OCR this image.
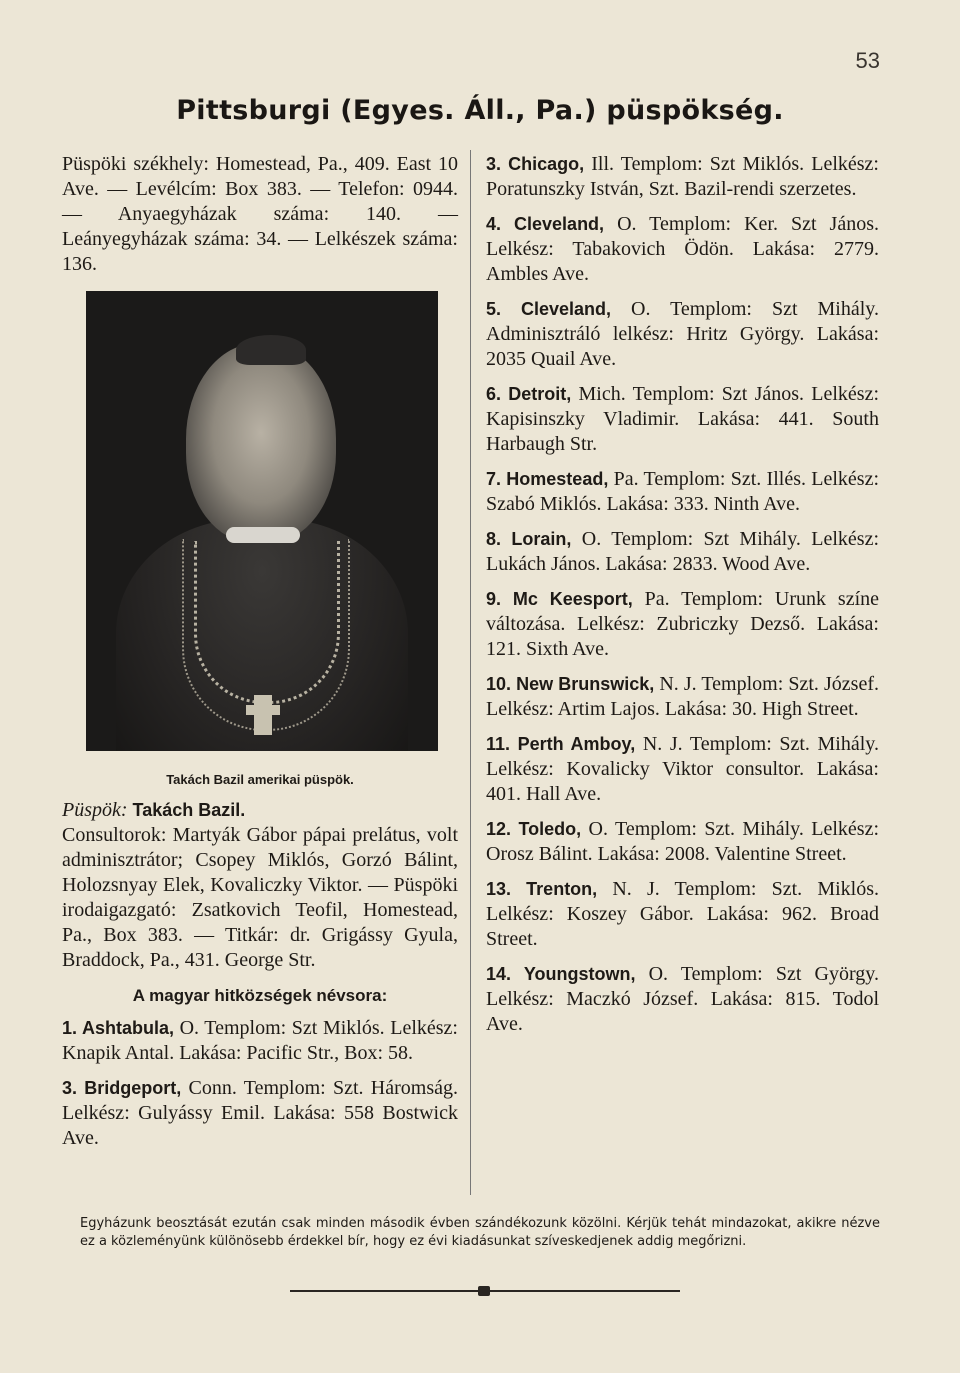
53
Pittsburgi (Egyes. Áll., Pa.) püspökség.

Püspöki székhely: Homestead, Pa., 409. East 10 Ave. — Levélcím: Box 383. — Telefon: 0944. — Anyaegyházak száma: 140. — Leányegyházak száma: 34. — Lelkészek száma: 136.

Takách Bazil amerikai püspök.

Püspök: Takách Bazil.

Consultorok: Martyák Gábor pápai prelátus, volt adminisztrátor; Csopey Miklós, Gorzó Bálint, Holozsnyay Elek, Kovaliczky Viktor. — Püspöki irodaigazgató: Zsatkovich Teofil, Homestead, Pa., Box 383. — Titkár: dr. Grigássy Gyula, Braddock, Pa., 431. George Str.

A magyar hitközségek névsora:

1. Ashtabula, O. Templom: Szt Miklós. Lelkész: Knapik Antal. Lakása: Pacific Str., Box: 58.

3. Bridgeport, Conn. Templom: Szt. Háromság. Lelkész: Gulyássy Emil. Lakása: 558 Bostwick Ave.

3. Chicago, Ill. Templom: Szt Miklós. Lelkész: Poratunszky István, Szt. Bazil-rendi szerzetes.

4. Cleveland, O. Templom: Ker. Szt János. Lelkész: Tabakovich Ödön. Lakása: 2779. Ambles Ave.

5. Cleveland, O. Templom: Szt Mihály. Adminisztráló lelkész: Hritz György. Lakása: 2035 Quail Ave.

6. Detroit, Mich. Templom: Szt János. Lelkész: Kapisinszky Vladimir. Lakása: 441. South Harbaugh Str.

7. Homestead, Pa. Templom: Szt. Illés. Lelkész: Szabó Miklós. Lakása: 333. Ninth Ave.

8. Lorain, O. Templom: Szt Mihály. Lelkész: Lukách János. Lakása: 2833. Wood Ave.

9. Mc Keesport, Pa. Templom: Urunk színe változása. Lelkész: Zubriczky Dezső. Lakása: 121. Sixth Ave.

10. New Brunswick, N. J. Templom: Szt. József. Lelkész: Artim Lajos. Lakása: 30. High Street.

11. Perth Amboy, N. J. Templom: Szt. Mihály. Lelkész: Kovalicky Viktor consultor. Lakása: 401. Hall Ave.

12. Toledo, O. Templom: Szt. Mihály. Lelkész: Orosz Bálint. Lakása: 2008. Valentine Street.

13. Trenton, N. J. Templom: Szt. Miklós. Lelkész: Koszey Gábor. Lakása: 962. Broad Street.

14. Youngstown, O. Templom: Szt György. Lelkész: Maczkó József. Lakása: 815. Todol Ave.

Egyházunk beosztását ezután csak minden második évben szándékozunk közölni. Kérjük tehát mindazokat, akikre nézve ez a közleményünk különösebb érdekkel bír, hogy ez évi kiadásunkat szíveskedjenek addig megőrizni.
